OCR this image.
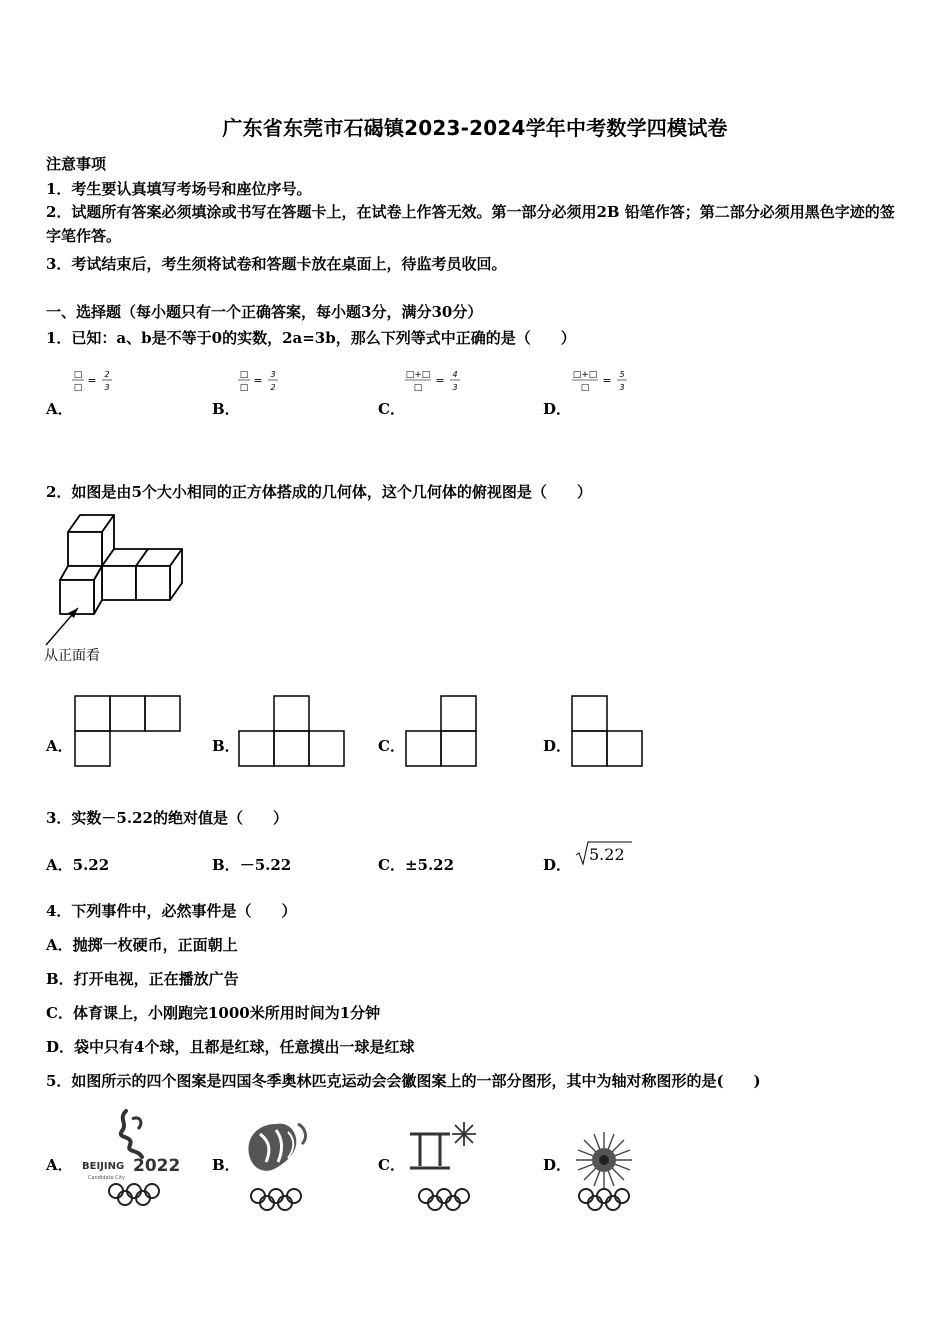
广东省东莞市石碣镇2023-2024学年中考数学四模试卷
注意事项
1．考生要认真填写考场号和座位序号。
2．试题所有答案必须填涂或书写在答题卡上，在试卷上作答无效。第一部分必须用2B 铅笔作答；第二部分必须用黑色字迹的签字笔作答。
3．考试结束后，考生须将试卷和答题卡放在桌面上，待监考员收回。
一、选择题（每小题只有一个正确答案，每小题3分，满分30分）
1．已知：a、b是不等于0的实数，2a=3b，那么下列等式中正确的是（　　）
□
□
= 2
3
A．
□
□
= 3
2
B．
□+□
□
= 4
3
C．
□+□
□
= 5
3
D．
2．如图是由5个大小相同的正方体搭成的几何体，这个几何体的俯视图是（　　）
从正面看
A．	B．	C．	D．
3．实数－5.22的绝对值是（　　）
A．5.22	B．－5.22	C．±5.22	D．
5.22
4．下列事件中，必然事件是（　　）
A．抛掷一枚硬币，正面朝上
B．打开电视，正在播放广告
C．体育课上，小刚跑完1000米所用时间为1分钟
D．袋中只有4个球，且都是红球，任意摸出一球是红球
5．如图所示的四个图案是四国冬季奥林匹克运动会会徽图案上的一部分图形，其中为轴对称图形的是(　　)
A． BEIJING 2022
Candidate City
B．	C．	D．
